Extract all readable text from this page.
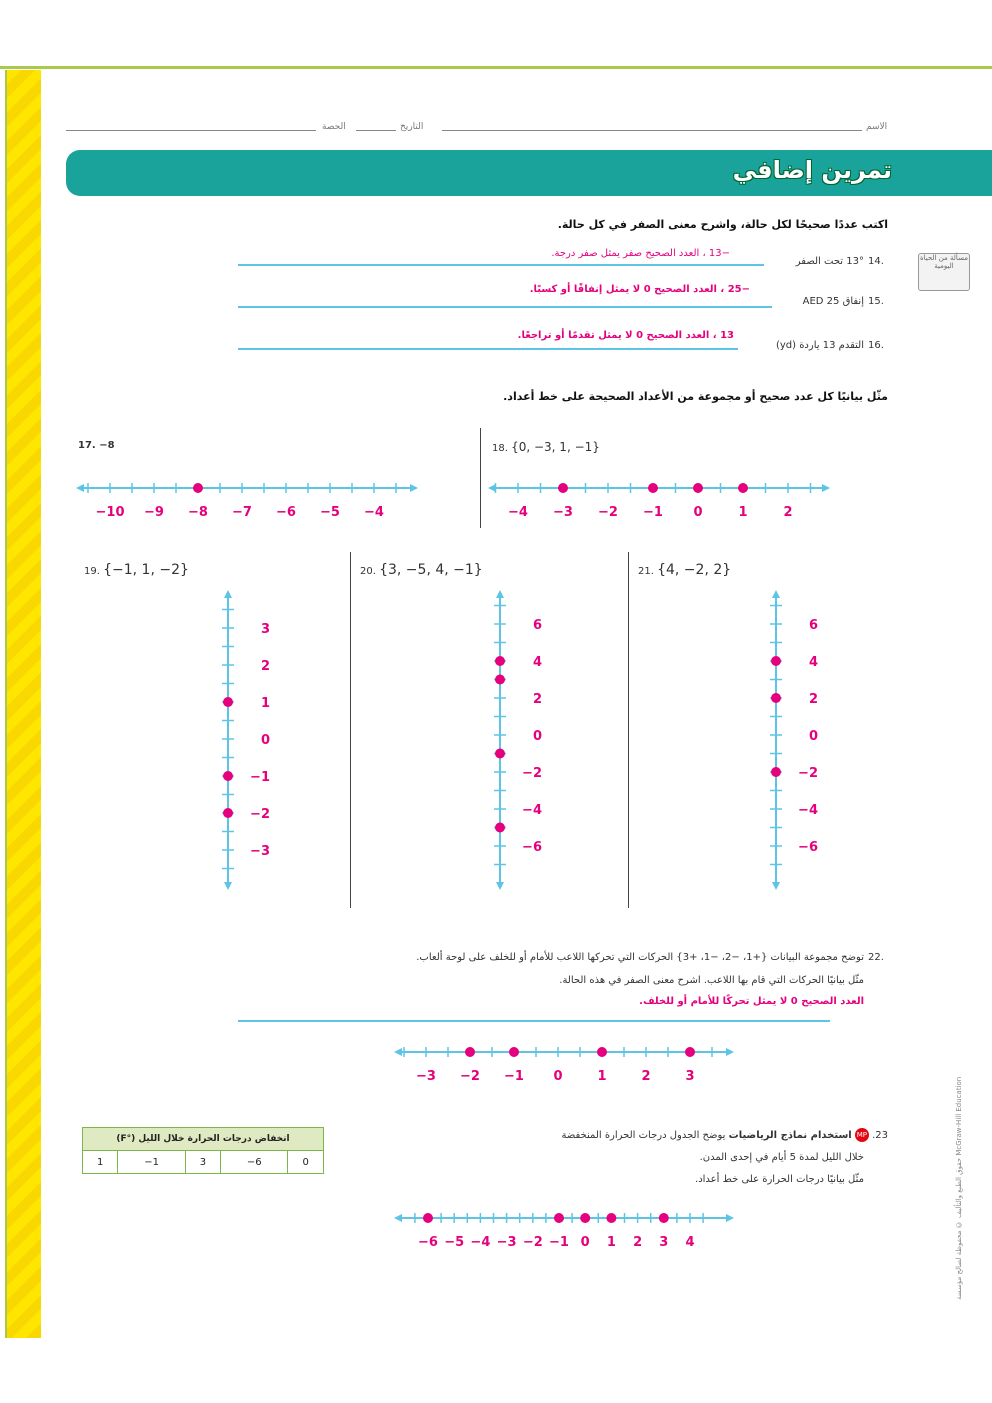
الحصة	التاريخ	الاسم
تمرين إضافي
اكتب عددًا صحيحًا لكل حالة، واشرح معنى الصفر في كل حالة.
مسألة من الحياة اليومية
14.
13° تحت الصفر
−13 ، العدد الصحيح صفر يمثل صفر درجة.
15.
إنفاق 25 AED
−25 ، العدد الصحيح 0 لا يمثل إنفاقًا أو كسبًا.
16.
التقدم 13 ياردة (yd)
13 ، العدد الصحيح 0 لا يمثل تقدمًا أو تراجعًا.
مثّل بيانيًا كل عدد صحيح أو مجموعة من الأعداد الصحيحة على خط أعداد.
17. −8	18. {0, −3, 1, −1}
19. {−1, 1, −2}	20. {3, −5, 4, −1}	21. {4, −2, 2}
−10 −9 −8 −7 −6 −5 −4	−4 −3 −2 −1 0	1	2
3
2
1
0
−1
−2
−3
6
4
2
0
−2
−4
−6
6
4
2
0
−2
−4
−6
22.
توضح مجموعة البيانات {+1، −2، −1، +3} الحركات التي تحركها اللاعب للأمام أو للخلف على لوحة ألعاب.
مثّل بيانيًا الحركات التي قام بها اللاعب. اشرح معنى الصفر في هذه الحالة.
العدد الصحيح 0 لا يمثل تحركًا للأمام أو للخلف.
−3 −2 −1 0	1	2	3
23. MP استخدام نماذج الرياضيات يوضح الجدول درجات الحرارة المنخفضة
خلال الليل لمدة 5 أيام في إحدى المدن.
مثّل بيانيًا درجات الحرارة على خط أعداد.
−6 −5 −4 −3 −2 −1 0 1 2 3 4
انخفاض درجات الحرارة خلال الليل (°F)
1	−1	3	−6	0	حقوق الطبع والتأليف © محفوظة لصالح مؤسسة McGraw-Hill Education
